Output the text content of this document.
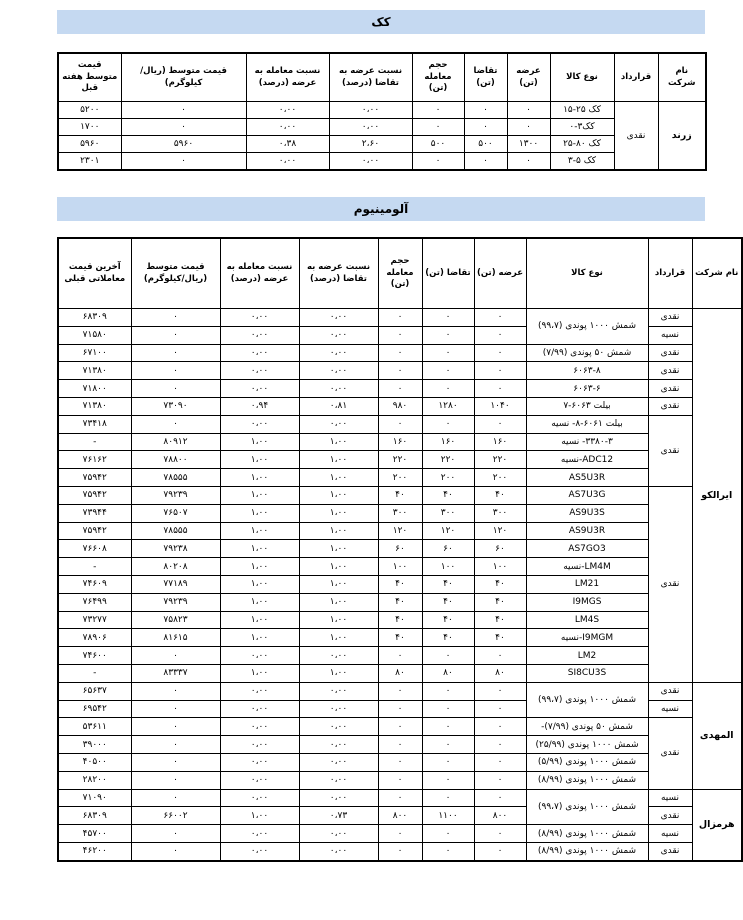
کک
نام شرکت	قرارداد	نوع کالا	عرضه (تن)	تقاضا (تن)	حجم معامله (تن)	نسبت عرضه به تقاضا (درصد)	نسبت معامله به عرضه (درصد)	قیمت متوسط (ریال/کیلوگرم)	قیمت متوسط هفته قبل
زرند	نقدی	کک ۲۵-۱۵	۰	۰	۰	۰،۰۰	۰،۰۰	۰	۵۲۰۰
		کک۳-۰	۰	۰	۰	۰،۰۰	۰،۰۰	۰	۱۷۰۰
		کک ۸۰-۲۵	۱۳۰۰	۵۰۰	۵۰۰	۲،۶۰	۰،۳۸	۵۹۶۰	۵۹۶۰
		کک ۵-۳	۰	۰	۰	۰،۰۰	۰،۰۰	۰	۲۳۰۱
آلومینیوم
نام شرکت	قرارداد	نوع کالا	عرضه (تن)	تقاضا (تن)	حجم معامله (تن)	نسبت عرضه به تقاضا (درصد)	نسبت معامله به عرضه (درصد)	قیمت متوسط (ریال/کیلوگرم)	آخرین قیمت معاملاتی قبلی
ایرالکو	نقدی	شمش ۱۰۰۰ پوندی (۹۹،۷)	۰	۰	۰	۰،۰۰	۰،۰۰	۰	۶۸۳۰۹
	نسیه		۰	۰	۰	۰،۰۰	۰،۰۰	۰	۷۱۵۸۰
	نقدی	شمش ۵۰ پوندی (۷/۹۹)	۰	۰	۰	۰،۰۰	۰،۰۰	۰	۶۷۱۰۰
	نقدی	۶۰۶۳-۸	۰	۰	۰	۰،۰۰	۰،۰۰	۰	۷۱۳۸۰
	نقدی	۶۰۶۳-۶	۰	۰	۰	۰،۰۰	۰،۰۰	۰	۷۱۸۰۰
	نقدی	بیلت ۶۰۶۳-۷	۱۰۴۰	۱۲۸۰	۹۸۰	۰،۸۱	۰،۹۴	۷۳۰۹۰	۷۱۳۸۰
	نقدی	بیلت ۶۰۶۱-۸- نسیه	۰	۰	۰	۰،۰۰	۰،۰۰	۰	۷۳۴۱۸
		۳۳۸۰-۳- نسیه	۱۶۰	۱۶۰	۱۶۰	۱،۰۰	۱،۰۰	۸۰۹۱۲	-
		ADC12-نسیه	۲۲۰	۲۲۰	۲۲۰	۱،۰۰	۱،۰۰	۷۸۸۰۰	۷۶۱۶۲
		AS5U3R	۲۰۰	۲۰۰	۲۰۰	۱،۰۰	۱،۰۰	۷۸۵۵۵	۷۵۹۴۲
	نقدی	AS7U3G	۴۰	۴۰	۴۰	۱،۰۰	۱،۰۰	۷۹۲۳۹	۷۵۹۴۲
		AS9U3S	۳۰۰	۳۰۰	۳۰۰	۱،۰۰	۱،۰۰	۷۶۵۰۷	۷۳۹۴۴
		AS9U3R	۱۲۰	۱۲۰	۱۲۰	۱،۰۰	۱،۰۰	۷۸۵۵۵	۷۵۹۴۲
		AS7GO3	۶۰	۶۰	۶۰	۱،۰۰	۱،۰۰	۷۹۲۳۸	۷۶۶۰۸
		LM4M-نسیه	۱۰۰	۱۰۰	۱۰۰	۱،۰۰	۱،۰۰	۸۰۲۰۸	-
		LM21	۴۰	۴۰	۴۰	۱،۰۰	۱،۰۰	۷۷۱۸۹	۷۴۶۰۹
		I9MGS	۴۰	۴۰	۴۰	۱،۰۰	۱،۰۰	۷۹۲۳۹	۷۶۴۹۹
		LM4S	۴۰	۴۰	۴۰	۱،۰۰	۱،۰۰	۷۵۸۲۳	۷۳۲۷۷
		I9MGM-نسیه	۴۰	۴۰	۴۰	۱،۰۰	۱،۰۰	۸۱۶۱۵	۷۸۹۰۶
		LM2	۰	۰	۰	۰،۰۰	۰،۰۰	۰	۷۴۶۰۰
		SI8CU3S	۸۰	۸۰	۸۰	۱،۰۰	۱،۰۰	۸۳۳۳۷	-
المهدی	نقدی	شمش ۱۰۰۰ پوندی (۹۹،۷)	۰	۰	۰	۰،۰۰	۰،۰۰	۰	۶۵۶۳۷
	نسیه		۰	۰	۰	۰،۰۰	۰،۰۰	۰	۶۹۵۴۲
	نقدی	شمش ۵۰ پوندی (۷/۹۹)-	۰	۰	۰	۰،۰۰	۰،۰۰	۰	۵۳۶۱۱
		شمش ۱۰۰۰ پوندی (۲۵/۹۹)	۰	۰	۰	۰،۰۰	۰،۰۰	۰	۳۹۰۰۰
		شمش ۱۰۰۰ پوندی (۵/۹۹)	۰	۰	۰	۰،۰۰	۰،۰۰	۰	۴۰۵۰۰
		شمش ۱۰۰۰ پوندی (۸/۹۹)	۰	۰	۰	۰،۰۰	۰،۰۰	۰	۲۸۲۰۰
هرمزال	نسیه	شمش ۱۰۰۰ پوندی (۹۹،۷)	۰	۰	۰	۰،۰۰	۰،۰۰	۰	۷۱۰۹۰
	نقدی		۸۰۰	۱۱۰۰	۸۰۰	۰،۷۳	۱،۰۰	۶۶۰۰۲	۶۸۳۰۹
	نسیه	شمش ۱۰۰۰ پوندی (۸/۹۹)	۰	۰	۰	۰،۰۰	۰،۰۰	۰	۴۵۷۰۰
	نقدی	شمش ۱۰۰۰ پوندی (۸/۹۹)	۰	۰	۰	۰،۰۰	۰،۰۰	۰	۴۶۲۰۰
